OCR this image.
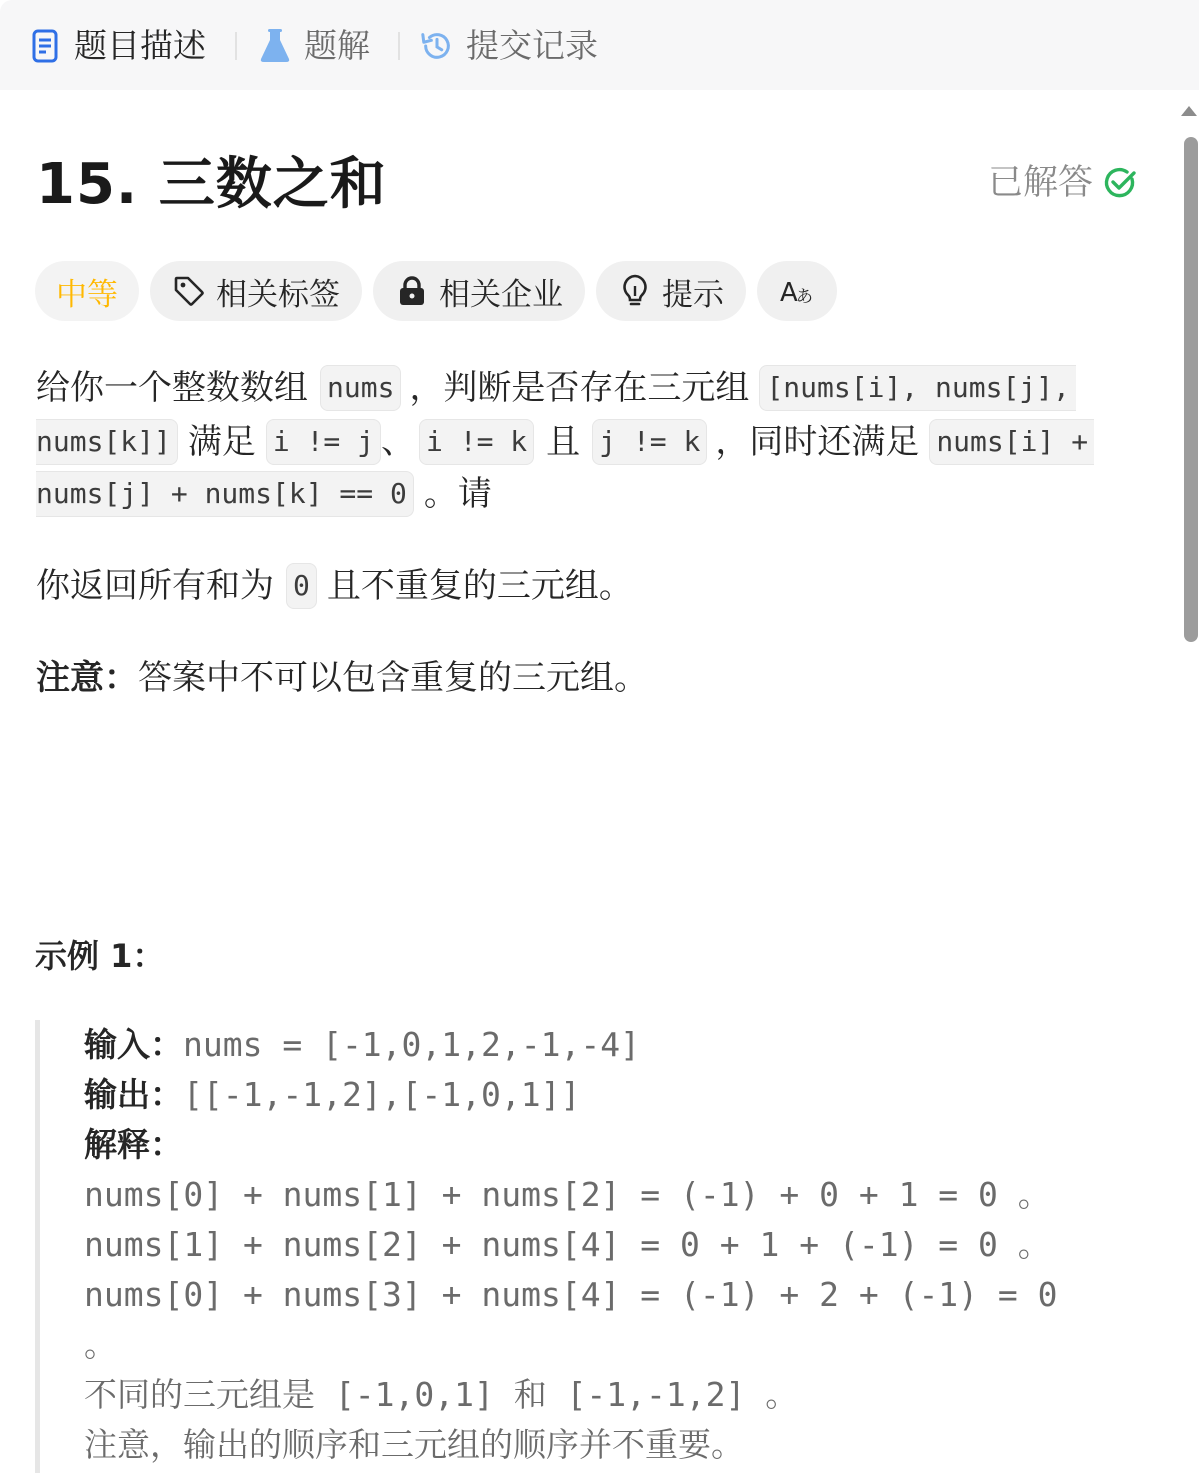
题目描述	题解	提交记录
15. 三数之和	已解答
中等	相关标签	相关企业	提示 A
あ
给你一个整数数组 nums ，判断是否存在三元组 [nums[i], nums[j],
nums[k]] 满足 i != j 、 i != k 且 j != k ，同时还满足 nums[i] +
nums[j] + nums[k] == 0 。请
你返回所有和为 0 且不重复的三元组。
注意： 答案中不可以包含重复的三元组。
示例 1：
输入：nums = [-1,0,1,2,-1,-4]
输出：[[-1,-1,2],[-1,0,1]]
解释：
nums[0] + nums[1] + nums[2] = (-1) + 0 + 1 = 0 。
nums[1] + nums[2] + nums[4] = 0 + 1 + (-1) = 0 。
nums[0] + nums[3] + nums[4] = (-1) + 2 + (-1) = 0
。
不同的三元组是 [-1,0,1] 和 [-1,-1,2] 。
注意，输出的顺序和三元组的顺序并不重要。
